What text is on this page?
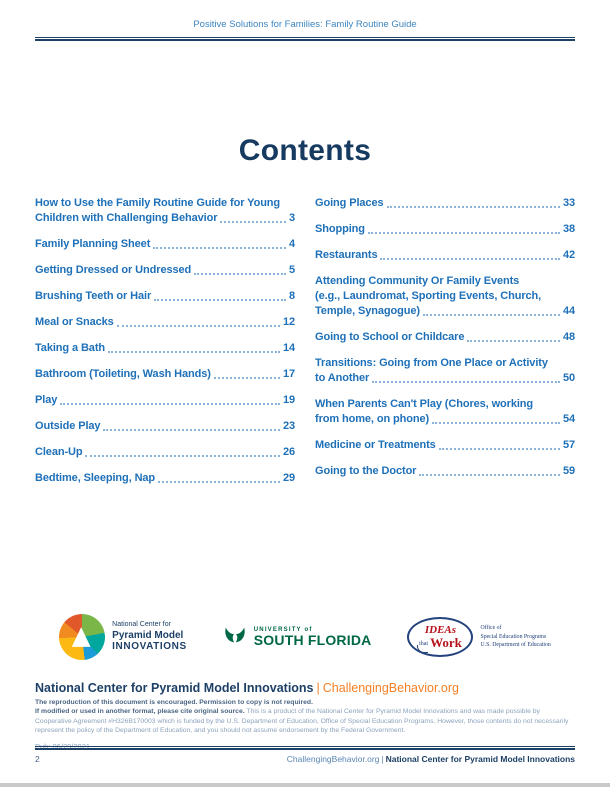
Positive Solutions for Families: Family Routine Guide
Contents
How to Use the Family Routine Guide for Young
Children with Challenging Behavior	3
Family Planning Sheet	4
Getting Dressed or Undressed	5
Brushing Teeth or Hair	8
Meal or Snacks	12
Taking a Bath	14
Bathroom (Toileting, Wash Hands)	17
Play	19
Outside Play	23
Clean-Up	26
Bedtime, Sleeping, Nap	29
Going Places	33
Shopping	38
Restaurants	42
Attending Community Or Family Events
(e.g., Laundromat, Sporting Events, Church,
Temple, Synagogue)	44
Going to School or Childcare	48
Transitions: Going from One Place or Activity
to Another	50
When Parents Can't Play (Chores, working
from home, on phone)	54
Medicine or Treatments	57
Going to the Doctor	59
National Center for
Pyramid Model
INNOVATIONS
UNIVERSITY of
SOUTH FLORIDA
IDEAs
that Work
Office of
Special Education Programs
U.S. Department of Education
National Center for Pyramid Model Innovations | ChallengingBehavior.org
The reproduction of this document is encouraged. Permission to copy is not required.
If modified or used in another format, please cite original source. This is a product of the National Center for Pyramid Model Innovations and was made possible by Cooperative Agreement #H326B170003 which is funded by the U.S. Department of Education, Office of Special Education Programs. However, those contents do not necessarily represent the policy of the Department of Education, and you should not assume endorsement by the Federal Government.
Pub: 06/29/2021
2	ChallengingBehavior.org | National Center for Pyramid Model Innovations
